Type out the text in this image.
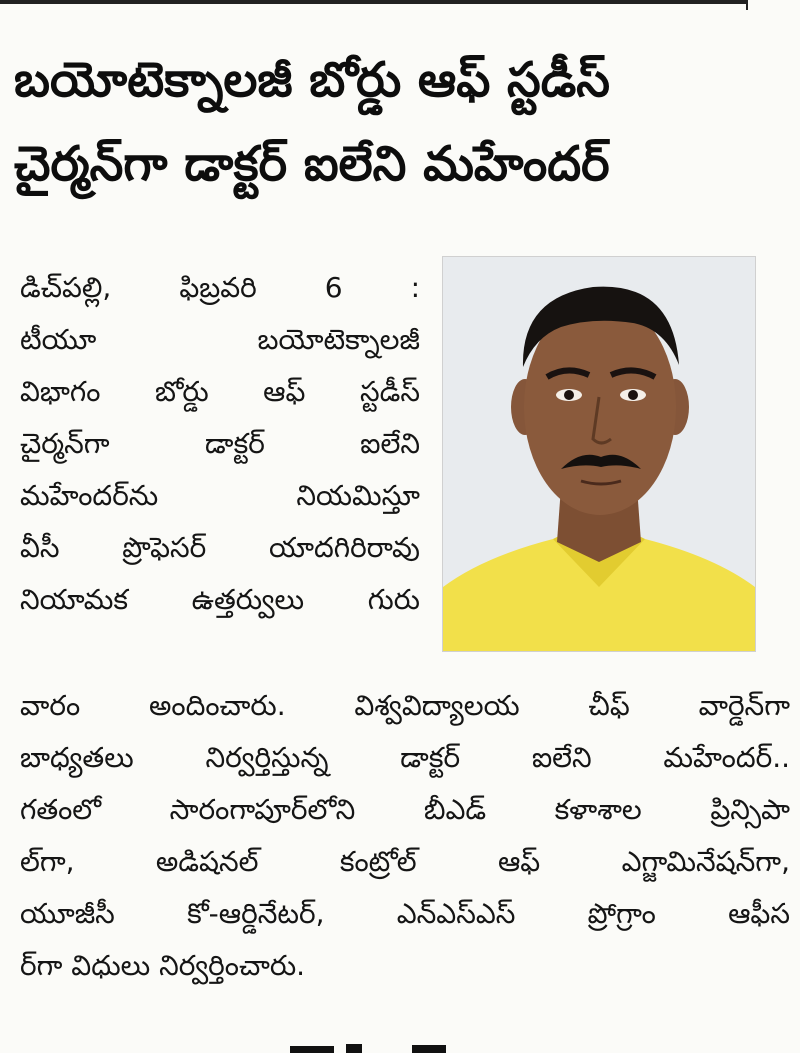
బయోటెక్నాలజీ బోర్డు ఆఫ్ స్టడీస్
చైర్మన్‌గా డాక్టర్ ఐలేని మహేందర్
డిచ్‌పల్లి, ఫిబ్రవరి 6 :
టీయూ బయోటెక్నాలజీ
విభాగం బోర్డు ఆఫ్ స్టడీస్
చైర్మన్‌గా డాక్టర్ ఐలేని
మహేందర్‌ను నియమిస్తూ
వీసీ ప్రొఫెసర్ యాదగిరిరావు
నియామక ఉత్తర్వులు గురు
వారం అందించారు. విశ్వవిద్యాలయ చీఫ్ వార్డెన్‌గా
బాధ్యతలు నిర్వర్తిస్తున్న డాక్టర్ ఐలేని మహేందర్..
గతంలో సారంగాపూర్‌లోని బీఎడ్ కళాశాల ప్రిన్సిపా
ల్‌గా, అడిషనల్ కంట్రోల్ ఆఫ్ ఎగ్జామినేషన్‌గా,
యూజీసీ కో-ఆర్డినేటర్, ఎన్ఎస్ఎస్ ప్రోగ్రాం ఆఫీస
ర్‌గా విధులు నిర్వర్తించారు.
